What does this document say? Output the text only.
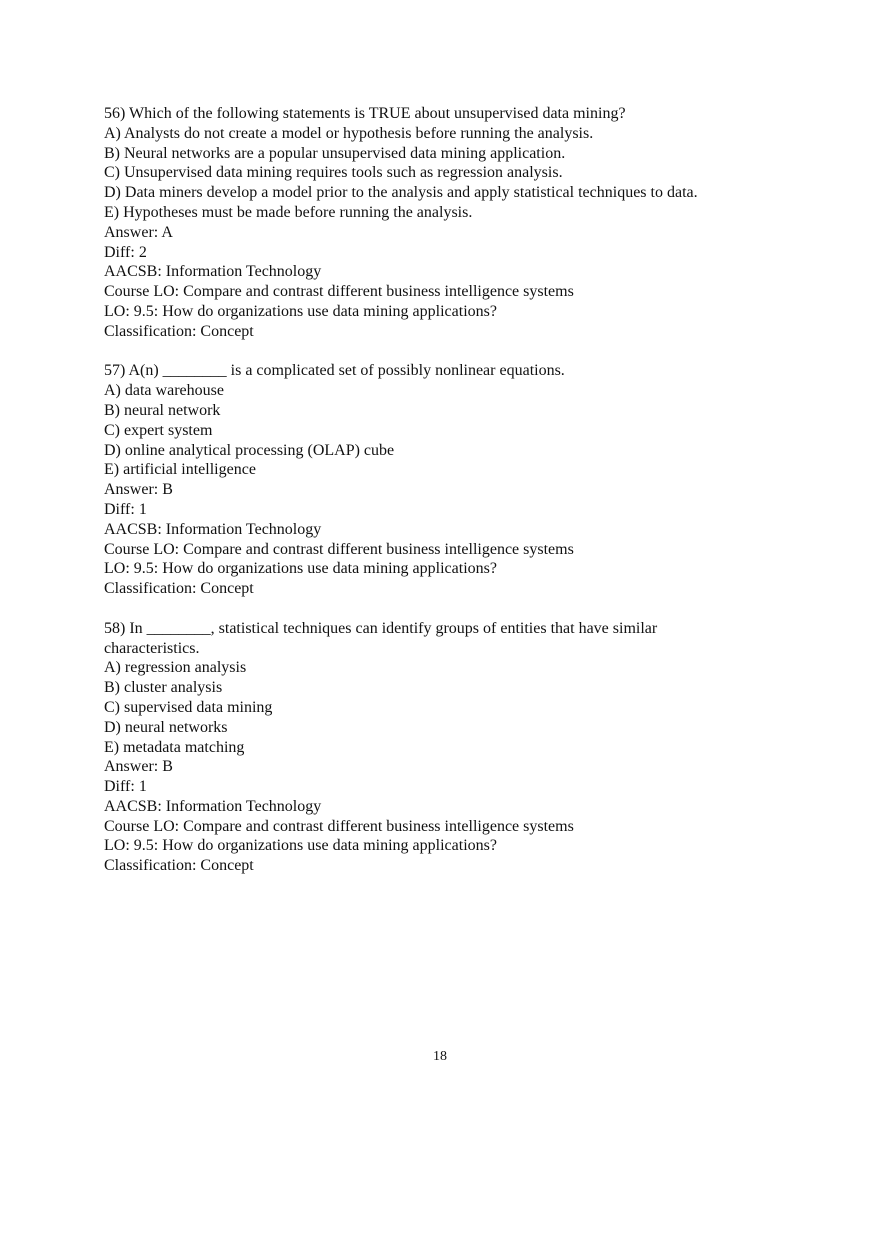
56) Which of the following statements is TRUE about unsupervised data mining?
A) Analysts do not create a model or hypothesis before running the analysis.
B) Neural networks are a popular unsupervised data mining application.
C) Unsupervised data mining requires tools such as regression analysis.
D) Data miners develop a model prior to the analysis and apply statistical techniques to data.
E) Hypotheses must be made before running the analysis.
Answer: A
Diff: 2
AACSB: Information Technology
Course LO: Compare and contrast different business intelligence systems
LO: 9.5: How do organizations use data mining applications?
Classification: Concept
57) A(n) ________ is a complicated set of possibly nonlinear equations.
A) data warehouse
B) neural network
C) expert system
D) online analytical processing (OLAP) cube
E) artificial intelligence
Answer: B
Diff: 1
AACSB: Information Technology
Course LO: Compare and contrast different business intelligence systems
LO: 9.5: How do organizations use data mining applications?
Classification: Concept
58) In ________, statistical techniques can identify groups of entities that have similar
characteristics.
A) regression analysis
B) cluster analysis
C) supervised data mining
D) neural networks
E) metadata matching
Answer: B
Diff: 1
AACSB: Information Technology
Course LO: Compare and contrast different business intelligence systems
LO: 9.5: How do organizations use data mining applications?
Classification: Concept
18
